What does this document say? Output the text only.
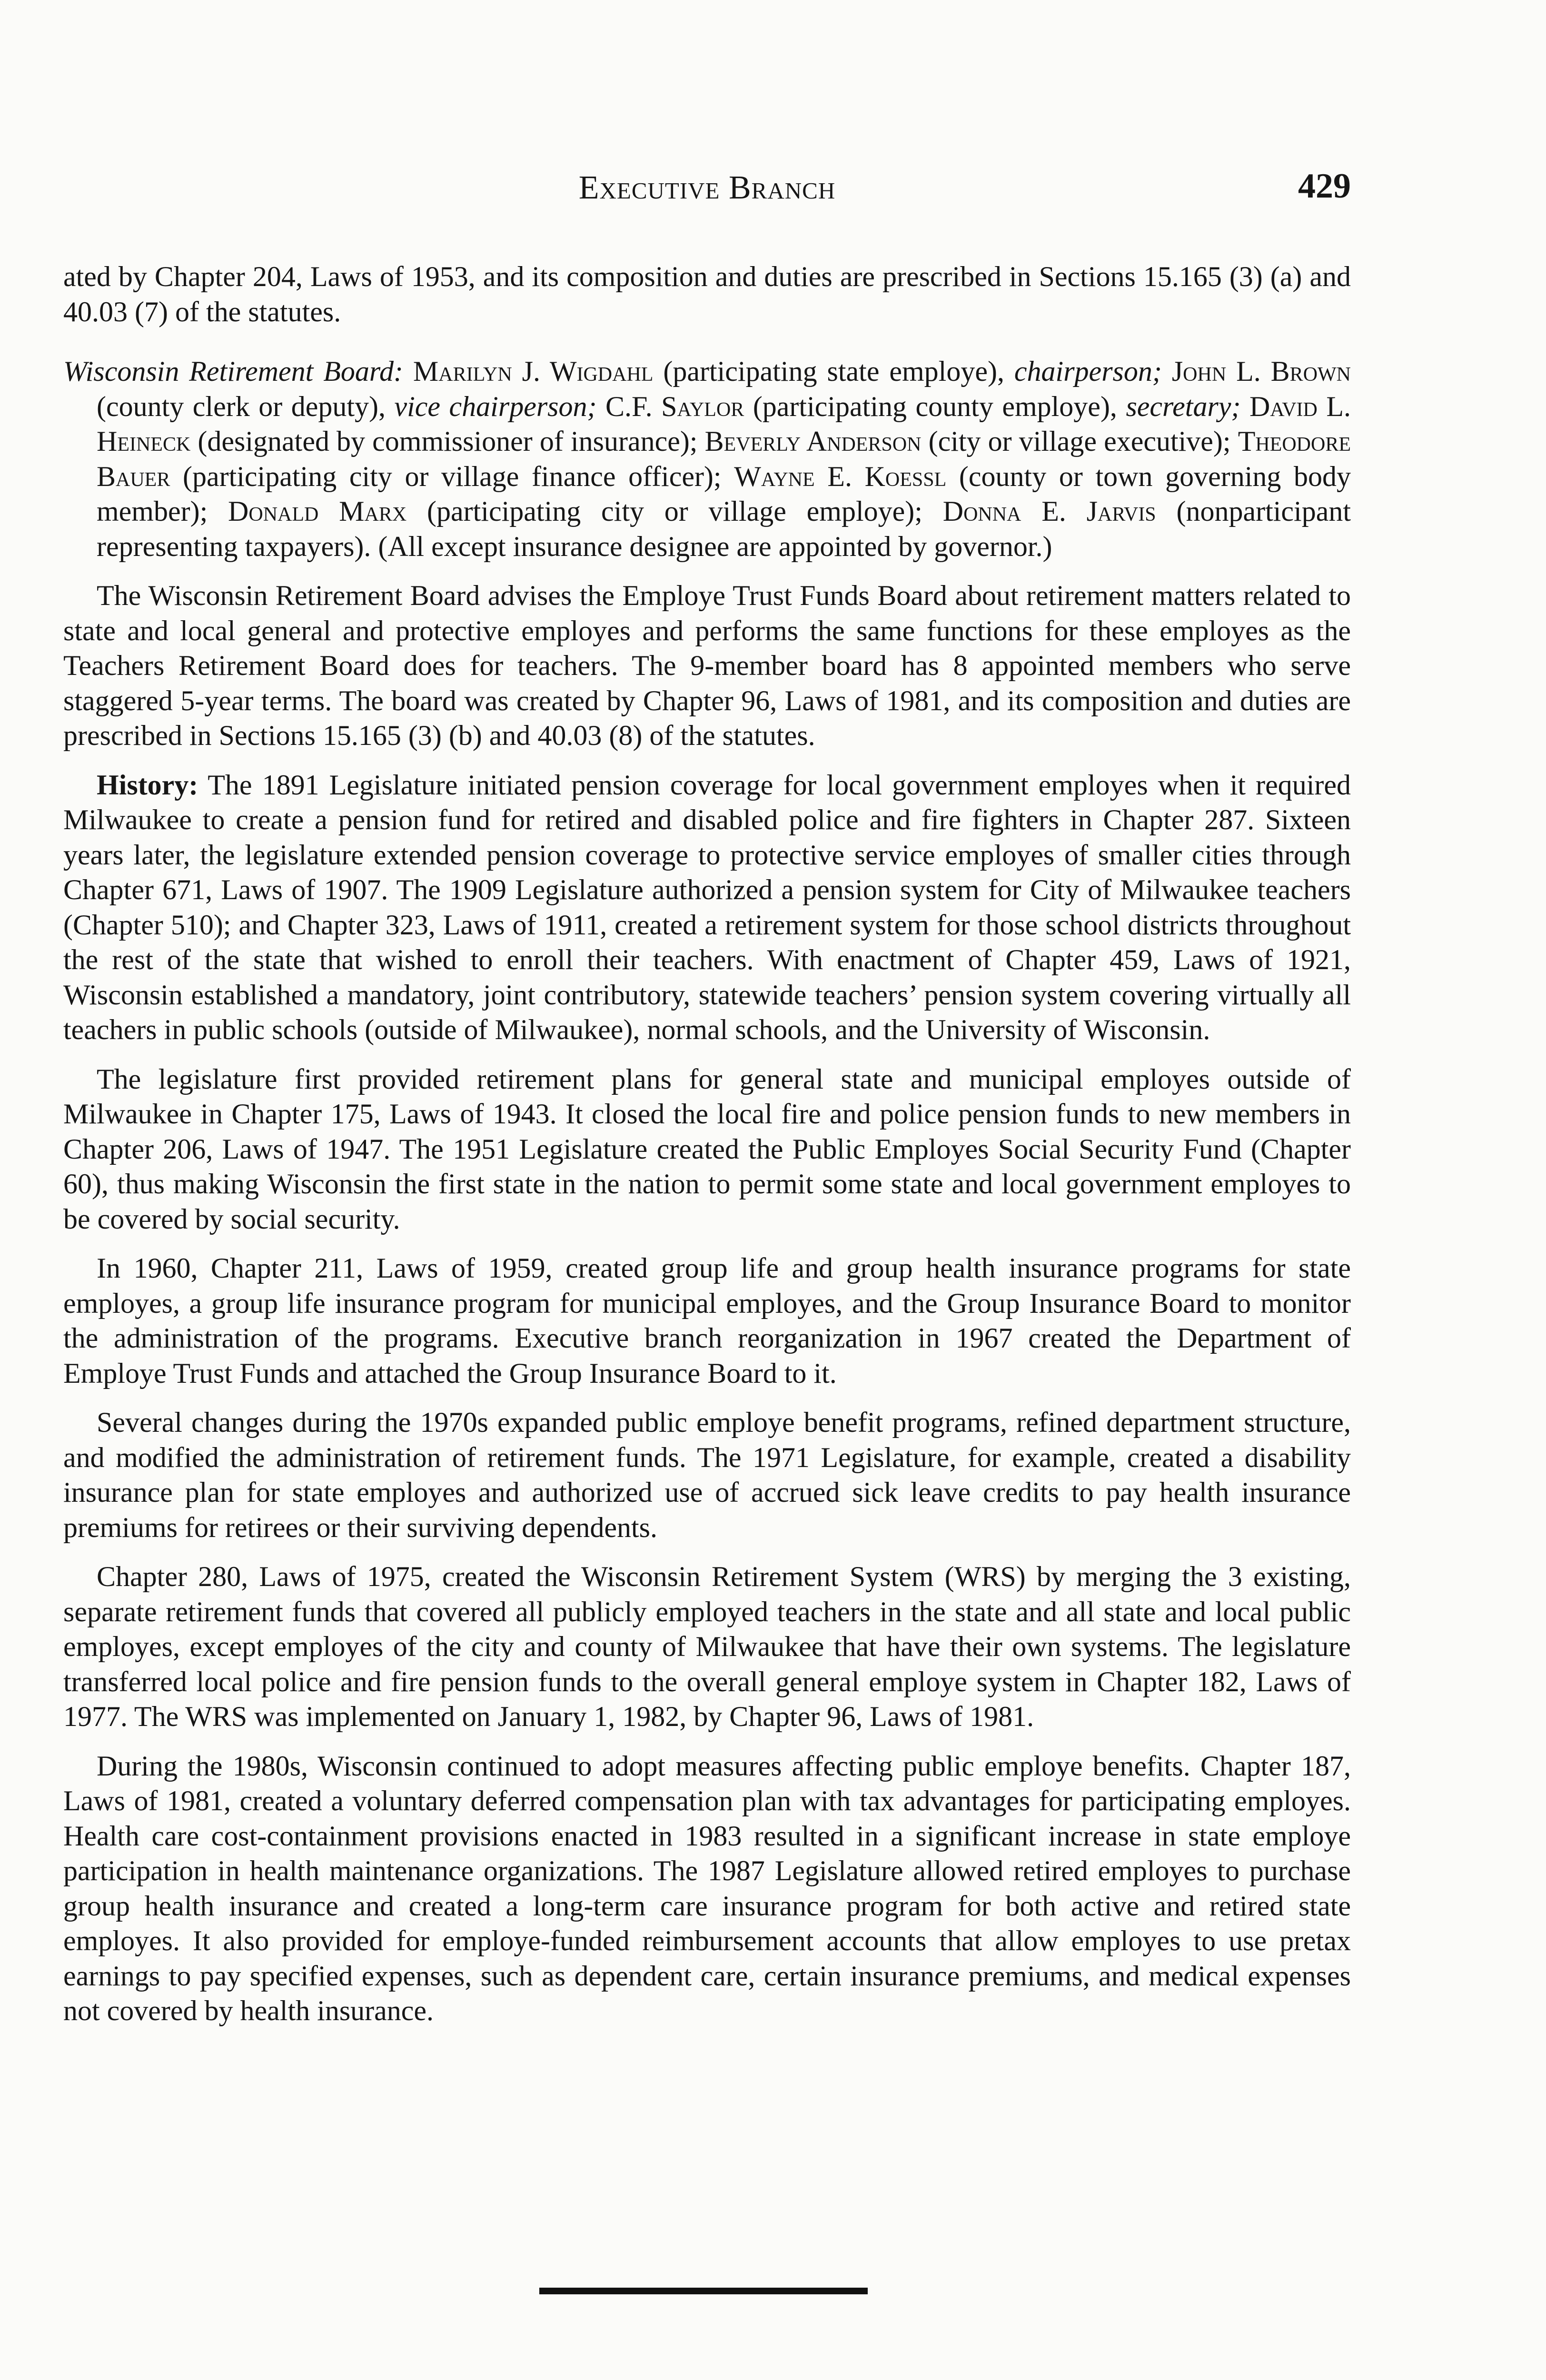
Executive Branch	429

ated by Chapter 204, Laws of 1953, and its composition and duties are prescribed in Sections 15.165 (3) (a) and 40.03 (7) of the statutes.

Wisconsin Retirement Board: Marilyn J. Wigdahl (participating state employe), chairperson; John L. Brown (county clerk or deputy), vice chairperson; C.F. Saylor (participating county employe), secretary; David L. Heineck (designated by commissioner of insurance); Beverly Anderson (city or village executive); Theodore Bauer (participating city or village finance officer); Wayne E. Koessl (county or town governing body member); Donald Marx (participating city or village employe); Donna E. Jarvis (nonparticipant representing taxpayers). (All except insurance designee are appointed by governor.)

The Wisconsin Retirement Board advises the Employe Trust Funds Board about retirement matters related to state and local general and protective employes and performs the same functions for these employes as the Teachers Retirement Board does for teachers. The 9-member board has 8 appointed members who serve staggered 5-year terms. The board was created by Chapter 96, Laws of 1981, and its composition and duties are prescribed in Sections 15.165 (3) (b) and 40.03 (8) of the statutes.

History: The 1891 Legislature initiated pension coverage for local government employes when it required Milwaukee to create a pension fund for retired and disabled police and fire fighters in Chapter 287. Sixteen years later, the legislature extended pension coverage to protective service employes of smaller cities through Chapter 671, Laws of 1907. The 1909 Legislature authorized a pension system for City of Milwaukee teachers (Chapter 510); and Chapter 323, Laws of 1911, created a retirement system for those school districts throughout the rest of the state that wished to enroll their teachers. With enactment of Chapter 459, Laws of 1921, Wisconsin established a mandatory, joint contributory, statewide teachers’ pension system covering virtually all teachers in public schools (outside of Milwaukee), normal schools, and the University of Wisconsin.

The legislature first provided retirement plans for general state and municipal employes outside of Milwaukee in Chapter 175, Laws of 1943. It closed the local fire and police pension funds to new members in Chapter 206, Laws of 1947. The 1951 Legislature created the Public Employes Social Security Fund (Chapter 60), thus making Wisconsin the first state in the nation to permit some state and local government employes to be covered by social security.

In 1960, Chapter 211, Laws of 1959, created group life and group health insurance programs for state employes, a group life insurance program for municipal employes, and the Group Insurance Board to monitor the administration of the programs. Executive branch reorganization in 1967 created the Department of Employe Trust Funds and attached the Group Insurance Board to it.

Several changes during the 1970s expanded public employe benefit programs, refined department structure, and modified the administration of retirement funds. The 1971 Legislature, for example, created a disability insurance plan for state employes and authorized use of accrued sick leave credits to pay health insurance premiums for retirees or their surviving dependents.

Chapter 280, Laws of 1975, created the Wisconsin Retirement System (WRS) by merging the 3 existing, separate retirement funds that covered all publicly employed teachers in the state and all state and local public employes, except employes of the city and county of Milwaukee that have their own systems. The legislature transferred local police and fire pension funds to the overall general employe system in Chapter 182, Laws of 1977. The WRS was implemented on January 1, 1982, by Chapter 96, Laws of 1981.

During the 1980s, Wisconsin continued to adopt measures affecting public employe benefits. Chapter 187, Laws of 1981, created a voluntary deferred compensation plan with tax advantages for participating employes. Health care cost-containment provisions enacted in 1983 resulted in a significant increase in state employe participation in health maintenance organizations. The 1987 Legislature allowed retired employes to purchase group health insurance and created a long-term care insurance program for both active and retired state employes. It also provided for employe-funded reimbursement accounts that allow employes to use pretax earnings to pay specified expenses, such as dependent care, certain insurance premiums, and medical expenses not covered by health insurance.
